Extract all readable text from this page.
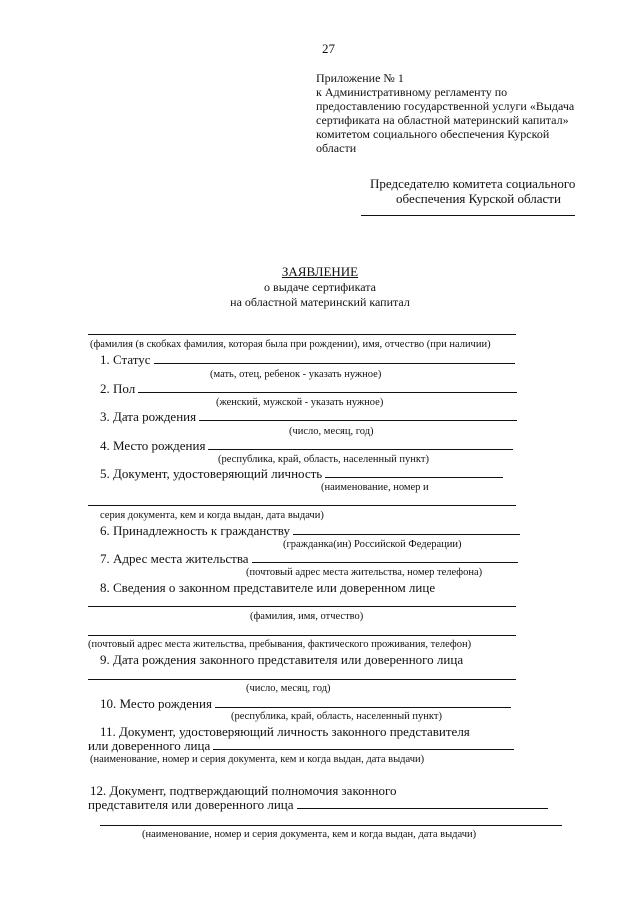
27
Приложение № 1
к Административному регламенту по
предоставлению государственной услуги «Выдача
сертификата на областной материнский капитал»
комитетом социального обеспечения Курской
области
Председателю комитета социального
обеспечения Курской области
ЗАЯВЛЕНИЕ
о выдаче сертификата
на областной материнский капитал
(фамилия (в скобках фамилия, которая была при рождении), имя, отчество (при наличии)
1. Статус
(мать, отец, ребенок - указать нужное)
2. Пол
(женский, мужской - указать нужное)
3. Дата рождения
(число, месяц, год)
4. Место рождения
(республика, край, область, населенный пункт)
5. Документ, удостоверяющий личность
(наименование, номер и
серия документа, кем и когда выдан, дата выдачи)
6. Принадлежность к гражданству
(гражданка(ин) Российской Федерации)
7. Адрес места жительства
(почтовый адрес места жительства, номер телефона)
8. Сведения о законном представителе или доверенном лице
(фамилия, имя, отчество)
(почтовый адрес места жительства, пребывания, фактического проживания, телефон)
9. Дата рождения законного представителя или доверенного лица
(число, месяц, год)
10. Место рождения
(республика, край, область, населенный пункт)
11. Документ, удостоверяющий личность законного представителя
или доверенного лица
(наименование, номер и серия документа, кем и когда выдан, дата выдачи)
12. Документ, подтверждающий полномочия законного
представителя или доверенного лица
(наименование, номер и серия документа, кем и когда выдан, дата выдачи)
